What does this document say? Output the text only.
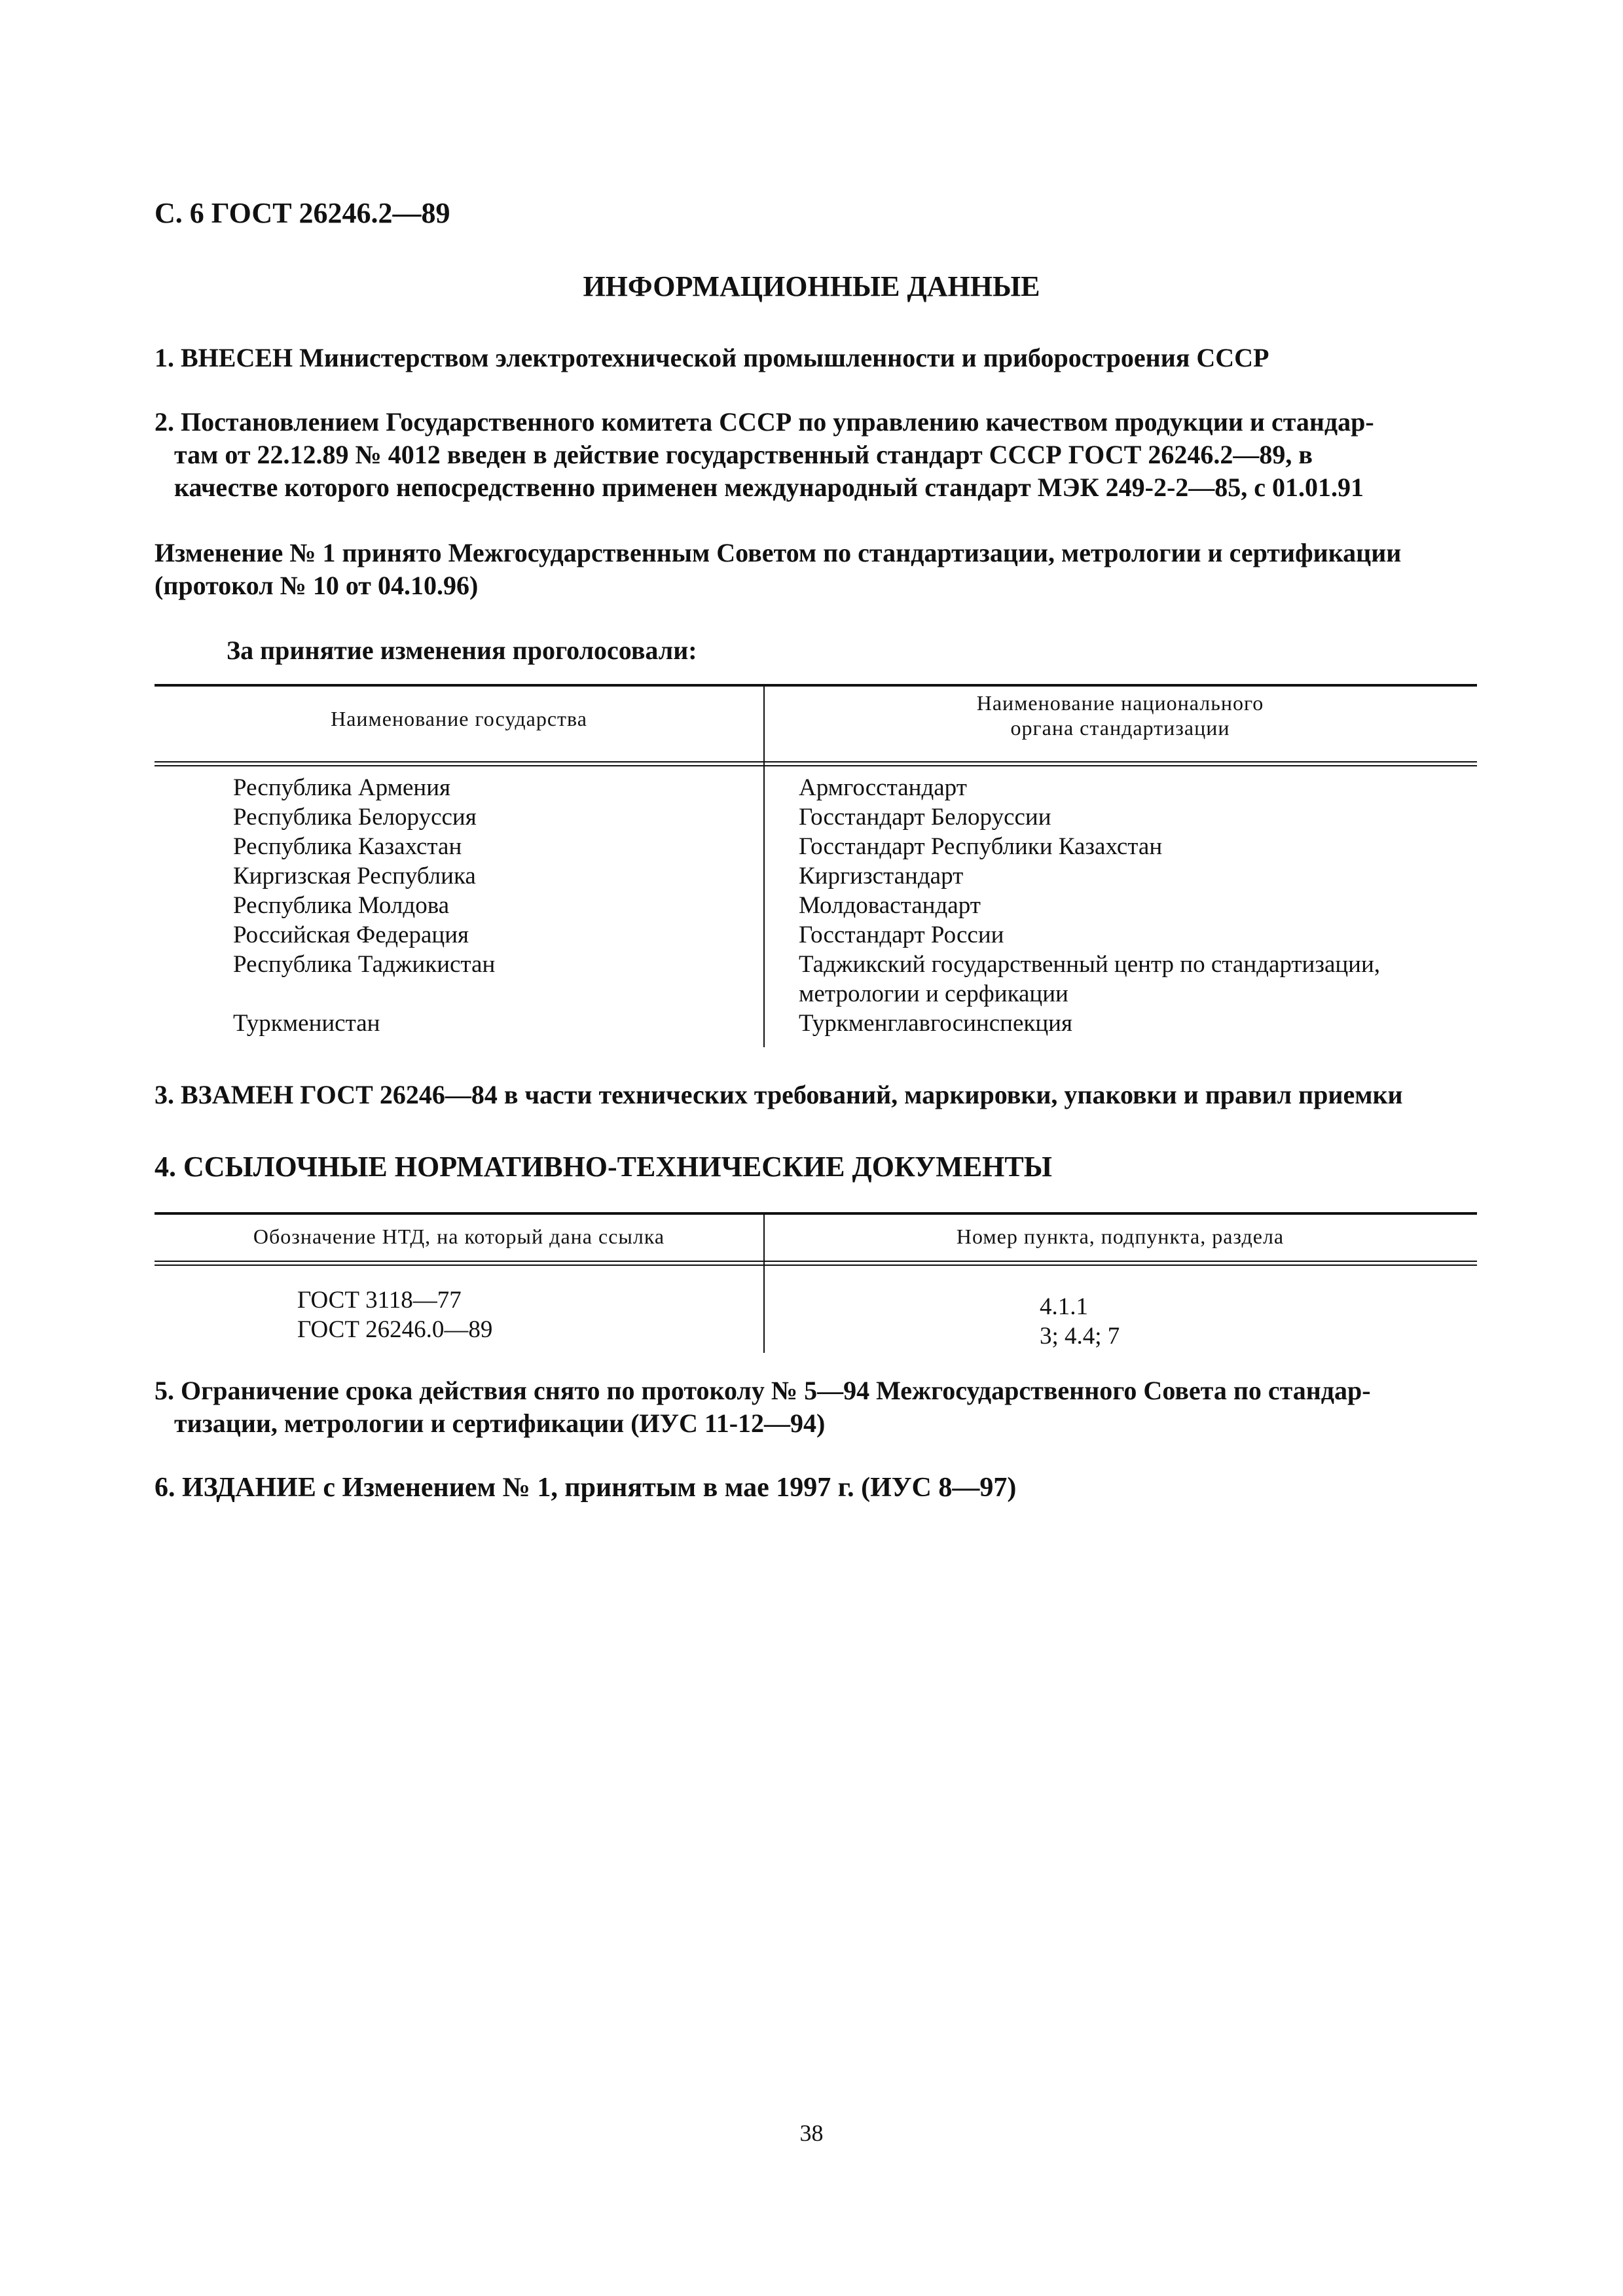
С. 6 ГОСТ 26246.2—89
ИНФОРМАЦИОННЫЕ ДАННЫЕ
1. ВНЕСЕН Министерством электротехнической промышленности и приборостроения СССР
2. Постановлением Государственного комитета СССР по управлению качеством продукции и стандар-
там от 22.12.89 № 4012 введен в действие государственный стандарт СССР ГОСТ 26246.2—89, в
качестве которого непосредственно применен международный стандарт МЭК 249-2-2—85, с 01.01.91
Изменение № 1 принято Межгосударственным Советом по стандартизации, метрологии и сертификации
(протокол № 10 от 04.10.96)
За принятие изменения проголосовали:
Наименование государства
Наименование национального
органа стандартизации
Республика Армения
Республика Белоруссия
Республика Казахстан
Киргизская Республика
Республика Молдова
Российская Федерация
Республика Таджикистан

Туркменистан
Армгосстандарт
Госстандарт Белоруссии
Госстандарт Республики Казахстан
Киргизстандарт
Молдовастандарт
Госстандарт России
Таджикский государственный центр по стандартизации,
метрологии и серфикации
Туркменглавгосинспекция
3. ВЗАМЕН ГОСТ 26246—84 в части технических требований, маркировки, упаковки и правил приемки
4. ССЫЛОЧНЫЕ НОРМАТИВНО-ТЕХНИЧЕСКИЕ ДОКУМЕНТЫ
Обозначение НТД, на который дана ссылка	Номер пункта, подпункта, раздела
ГОСТ 3118—77
ГОСТ 26246.0—89
4.1.1
3; 4.4; 7
5. Ограничение срока действия снято по протоколу № 5—94 Межгосударственного Совета по стандар-
тизации, метрологии и сертификации (ИУС 11-12—94)
6. ИЗДАНИЕ с Изменением № 1, принятым в мае 1997 г. (ИУС 8—97)
38
